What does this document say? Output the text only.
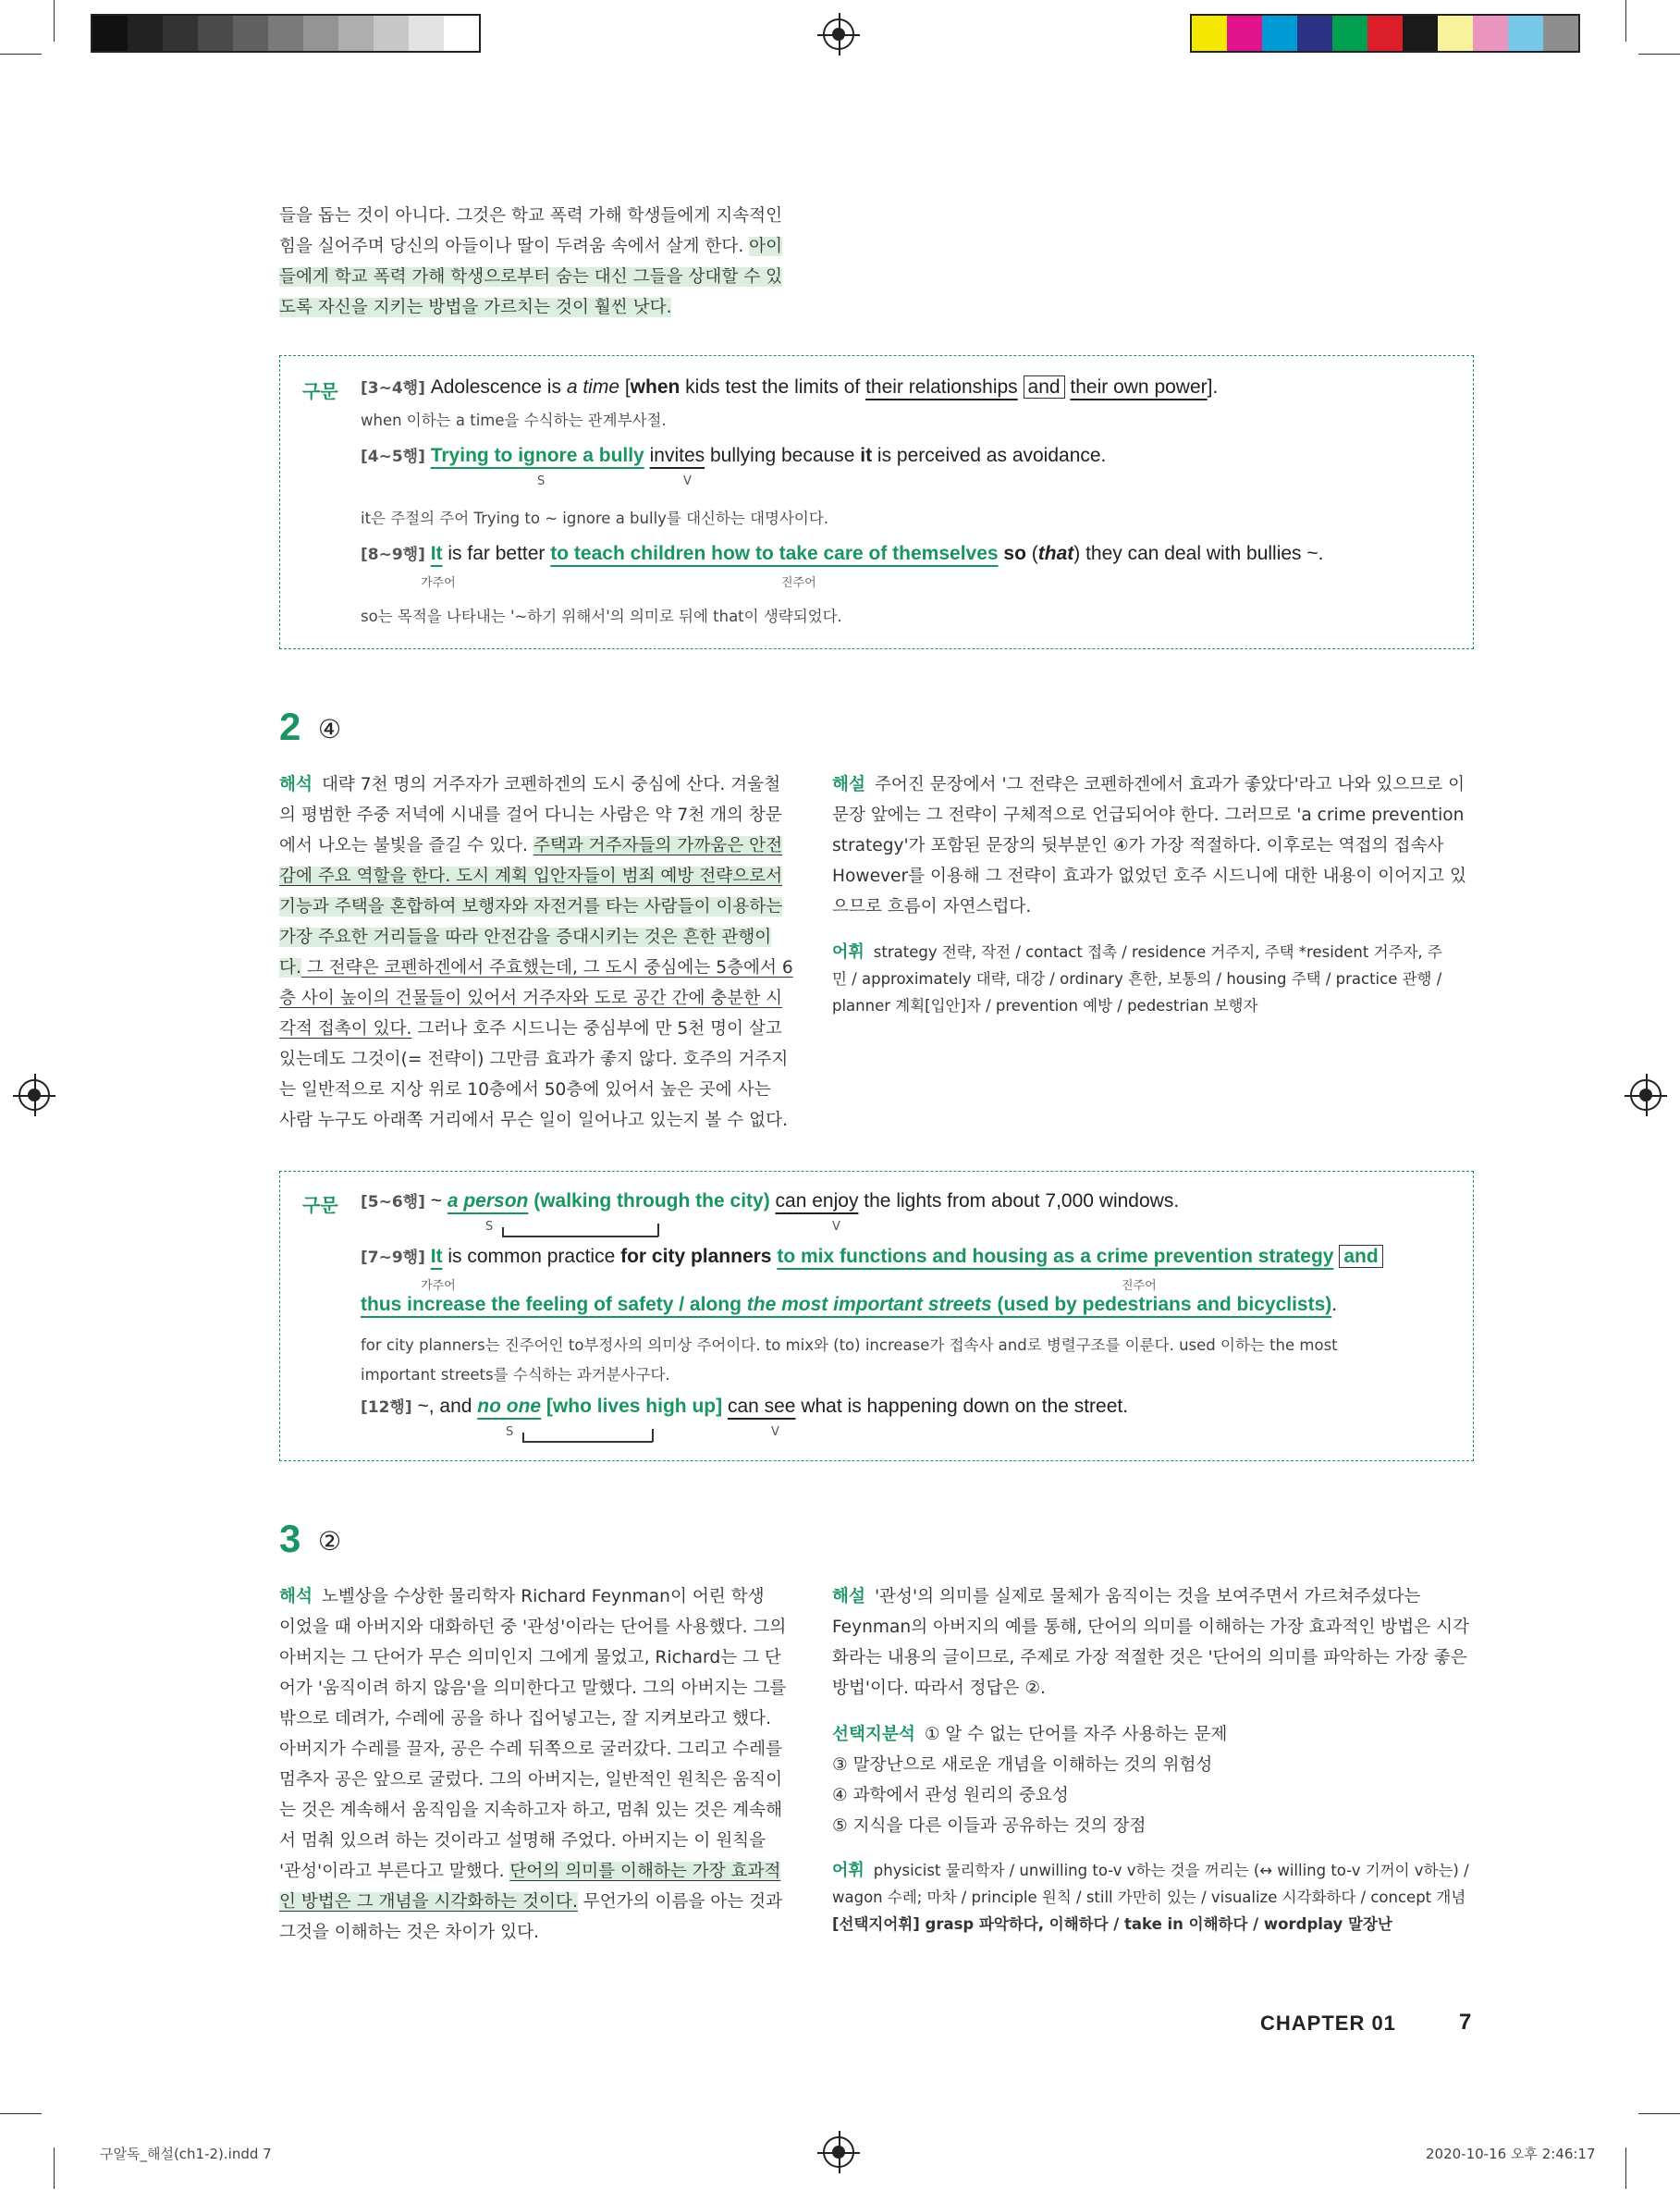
들을 돕는 것이 아니다. 그것은 학교 폭력 가해 학생들에게 지속적인
힘을 실어주며 당신의 아들이나 딸이 두려움 속에서 살게 한다. 아이
들에게 학교 폭력 가해 학생으로부터 숨는 대신 그들을 상대할 수 있
도록 자신을 지키는 방법을 가르치는 것이 훨씬 낫다.
구문 [3~4행] Adolescence is a time [when kids test the limits of their relationships and their own power].
when 이하는 a time을 수식하는 관계부사절.
[4~5행] Trying to ignore a bully invites bullying because it is perceived as avoidance.
S	V
it은 주절의 주어 Trying to ~ ignore a bully를 대신하는 대명사이다.
[8~9행] It is far better to teach children how to take care of themselves so (that) they can deal with bullies ~.
가주어	진주어
so는 목적을 나타내는 '~하기 위해서'의 의미로 뒤에 that이 생략되었다.
2 ④
해석 대략 7천 명의 거주자가 코펜하겐의 도시 중심에 산다. 겨울철
의 평범한 주중 저녁에 시내를 걸어 다니는 사람은 약 7천 개의 창문
에서 나오는 불빛을 즐길 수 있다. 주택과 거주자들의 가까움은 안전
감에 주요 역할을 한다. 도시 계획 입안자들이 범죄 예방 전략으로서
기능과 주택을 혼합하여 보행자와 자전거를 타는 사람들이 이용하는
가장 주요한 거리들을 따라 안전감을 증대시키는 것은 흔한 관행이
다. 그 전략은 코펜하겐에서 주효했는데, 그 도시 중심에는 5층에서 6
층 사이 높이의 건물들이 있어서 거주자와 도로 공간 간에 충분한 시
각적 접촉이 있다. 그러나 호주 시드니는 중심부에 만 5천 명이 살고
있는데도 그것이(= 전략이) 그만큼 효과가 좋지 않다. 호주의 거주지
는 일반적으로 지상 위로 10층에서 50층에 있어서 높은 곳에 사는
사람 누구도 아래쪽 거리에서 무슨 일이 일어나고 있는지 볼 수 없다.
해설 주어진 문장에서 '그 전략은 코펜하겐에서 효과가 좋았다'라고 나와 있으므로 이
문장 앞에는 그 전략이 구체적으로 언급되어야 한다. 그러므로 'a crime prevention
strategy'가 포함된 문장의 뒷부분인 ④가 가장 적절하다. 이후로는 역접의 접속사
However를 이용해 그 전략이 효과가 없었던 호주 시드니에 대한 내용이 이어지고 있
으므로 흐름이 자연스럽다.
어휘 strategy 전략, 작전 / contact 접촉 / residence 거주지, 주택 *resident 거주자, 주
민 / approximately 대략, 대강 / ordinary 흔한, 보통의 / housing 주택 / practice 관행 /
planner 계획[입안]자 / prevention 예방 / pedestrian 보행자
구문 [5~6행] ~ a person (walking through the city) can enjoy the lights from about 7,000 windows.
S	V
[7~9행] It is common practice for city planners to mix functions and housing as a crime prevention strategy and
가주어	진주어
thus increase the feeling of safety / along the most important streets (used by pedestrians and bicyclists).
for city planners는 진주어인 to부정사의 의미상 주어이다. to mix와 (to) increase가 접속사 and로 병렬구조를 이룬다. used 이하는 the most
important streets를 수식하는 과거분사구다.
[12행] ~, and no one [who lives high up] can see what is happening down on the street.
S	V
3 ②
해석 노벨상을 수상한 물리학자 Richard Feynman이 어린 학생
이었을 때 아버지와 대화하던 중 '관성'이라는 단어를 사용했다. 그의
아버지는 그 단어가 무슨 의미인지 그에게 물었고, Richard는 그 단
어가 '움직이려 하지 않음'을 의미한다고 말했다. 그의 아버지는 그를
밖으로 데려가, 수레에 공을 하나 집어넣고는, 잘 지켜보라고 했다.
아버지가 수레를 끌자, 공은 수레 뒤쪽으로 굴러갔다. 그리고 수레를
멈추자 공은 앞으로 굴렀다. 그의 아버지는, 일반적인 원칙은 움직이
는 것은 계속해서 움직임을 지속하고자 하고, 멈춰 있는 것은 계속해
서 멈춰 있으려 하는 것이라고 설명해 주었다. 아버지는 이 원칙을
'관성'이라고 부른다고 말했다. 단어의 의미를 이해하는 가장 효과적
인 방법은 그 개념을 시각화하는 것이다. 무언가의 이름을 아는 것과
그것을 이해하는 것은 차이가 있다.
해설 '관성'의 의미를 실제로 물체가 움직이는 것을 보여주면서 가르쳐주셨다는
Feynman의 아버지의 예를 통해, 단어의 의미를 이해하는 가장 효과적인 방법은 시각
화라는 내용의 글이므로, 주제로 가장 적절한 것은 '단어의 의미를 파악하는 가장 좋은
방법'이다. 따라서 정답은 ②.
선택지분석 ① 알 수 없는 단어를 자주 사용하는 문제
③ 말장난으로 새로운 개념을 이해하는 것의 위험성
④ 과학에서 관성 원리의 중요성
⑤ 지식을 다른 이들과 공유하는 것의 장점
어휘 physicist 물리학자 / unwilling to-v v하는 것을 꺼리는 (↔ willing to-v 기꺼이 v하는) /
wagon 수레; 마차 / principle 원칙 / still 가만히 있는 / visualize 시각화하다 / concept 개념
[선택지어휘] grasp 파악하다, 이해하다 / take in 이해하다 / wordplay 말장난
CHAPTER 01	7
구알독_해설(ch1-2).indd 7	2020-10-16 오후 2:46:17
